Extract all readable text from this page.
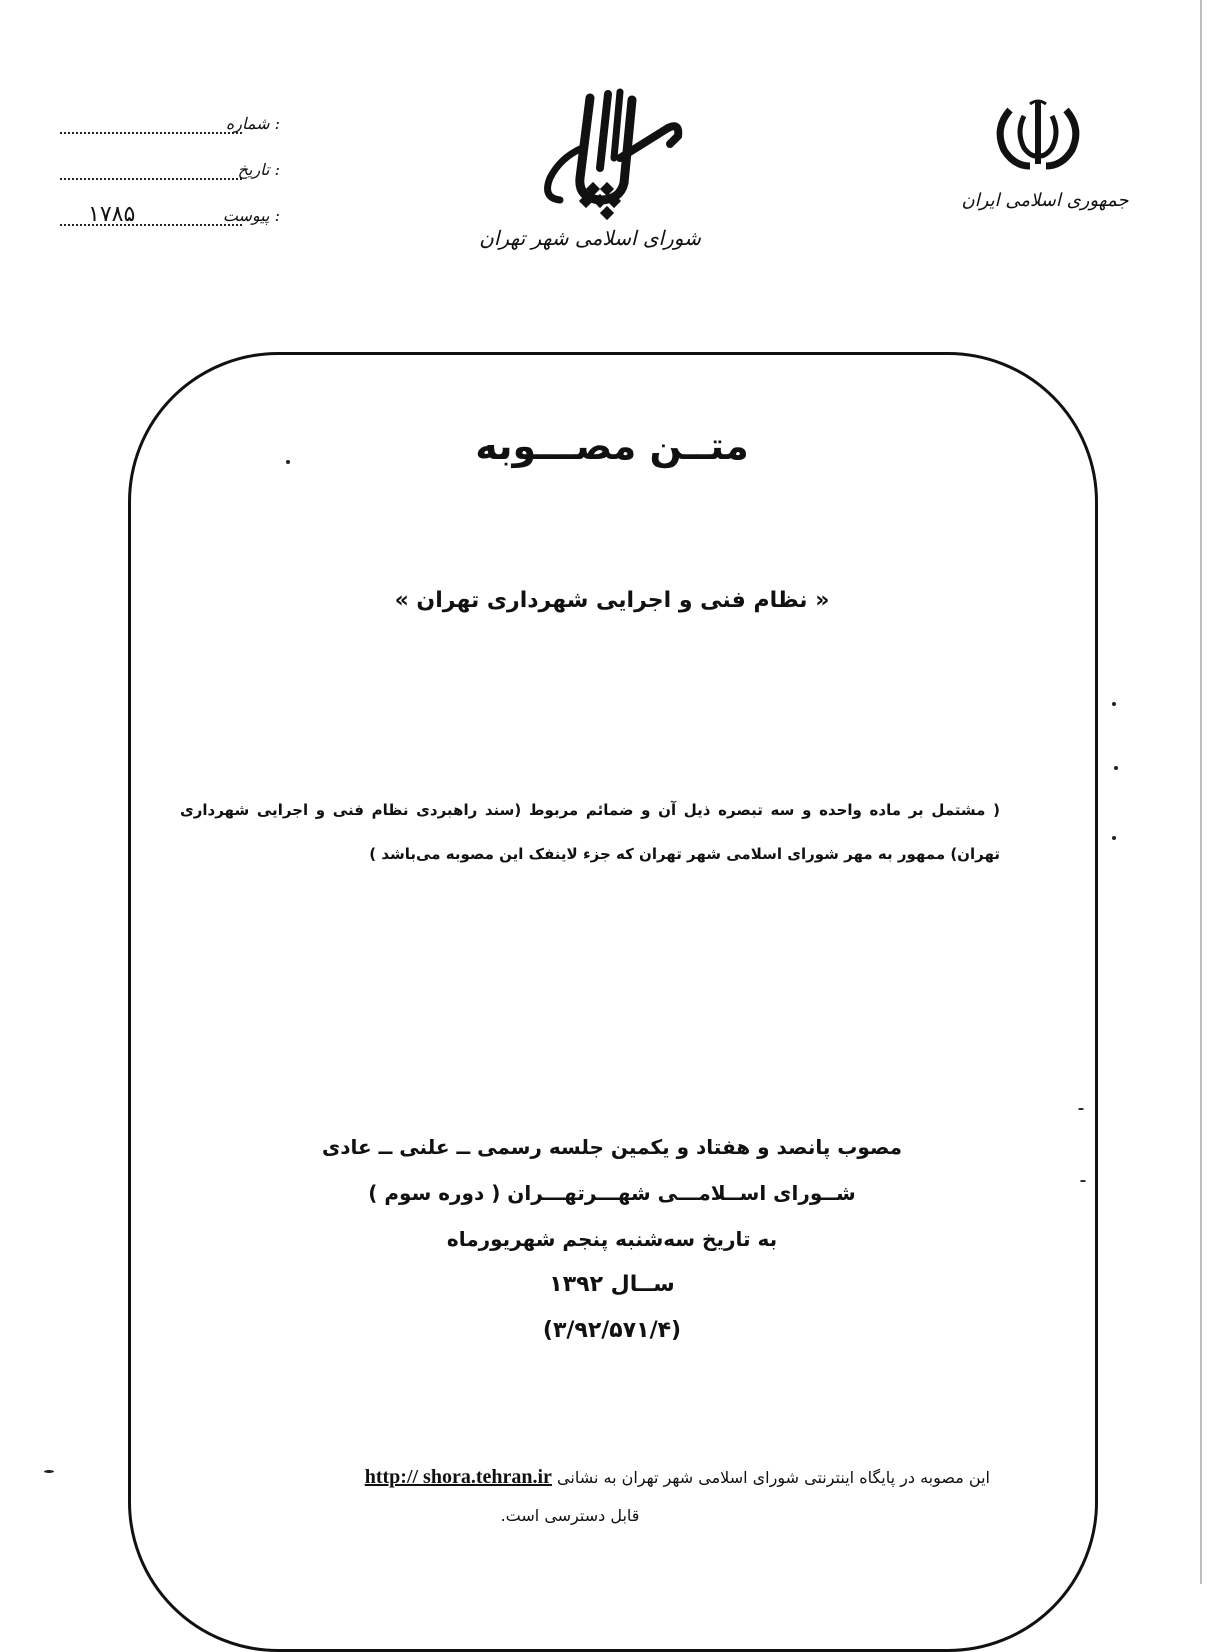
شماره :
تاریخ :
۱۷۸۵	پیوست :
شورای اسلامی شهر تهران
جمهوری اسلامی ایران
متــن مصـــوبه
« نظام فنی و اجرایی شهرداری تهران »
( مشتمل بر ماده واحده و سه تبصره ذیل آن و ضمائم مربوط (سند راهبردی نظام فنی و اجرایی شهرداری تهران) ممهور به مهر شورای اسلامی شهر تهران که جزء لاینفک این مصوبه می‌باشد )
مصوب پانصد و هفتاد و یکمین جلسه رسمی ــ علنی ــ عادی
شــورای اســلامـــی شهـــرتهـــران ( دوره سوم )
به تاریخ سه‌شنبه پنجم شهریورماه
ســال ۱۳۹۲
(۳/۹۲/۵۷۱/۴)
این مصوبه در پایگاه اینترنتی شورای اسلامی شهر تهران به نشانی http:// shora.tehran.ir
قابل دسترسی است.
